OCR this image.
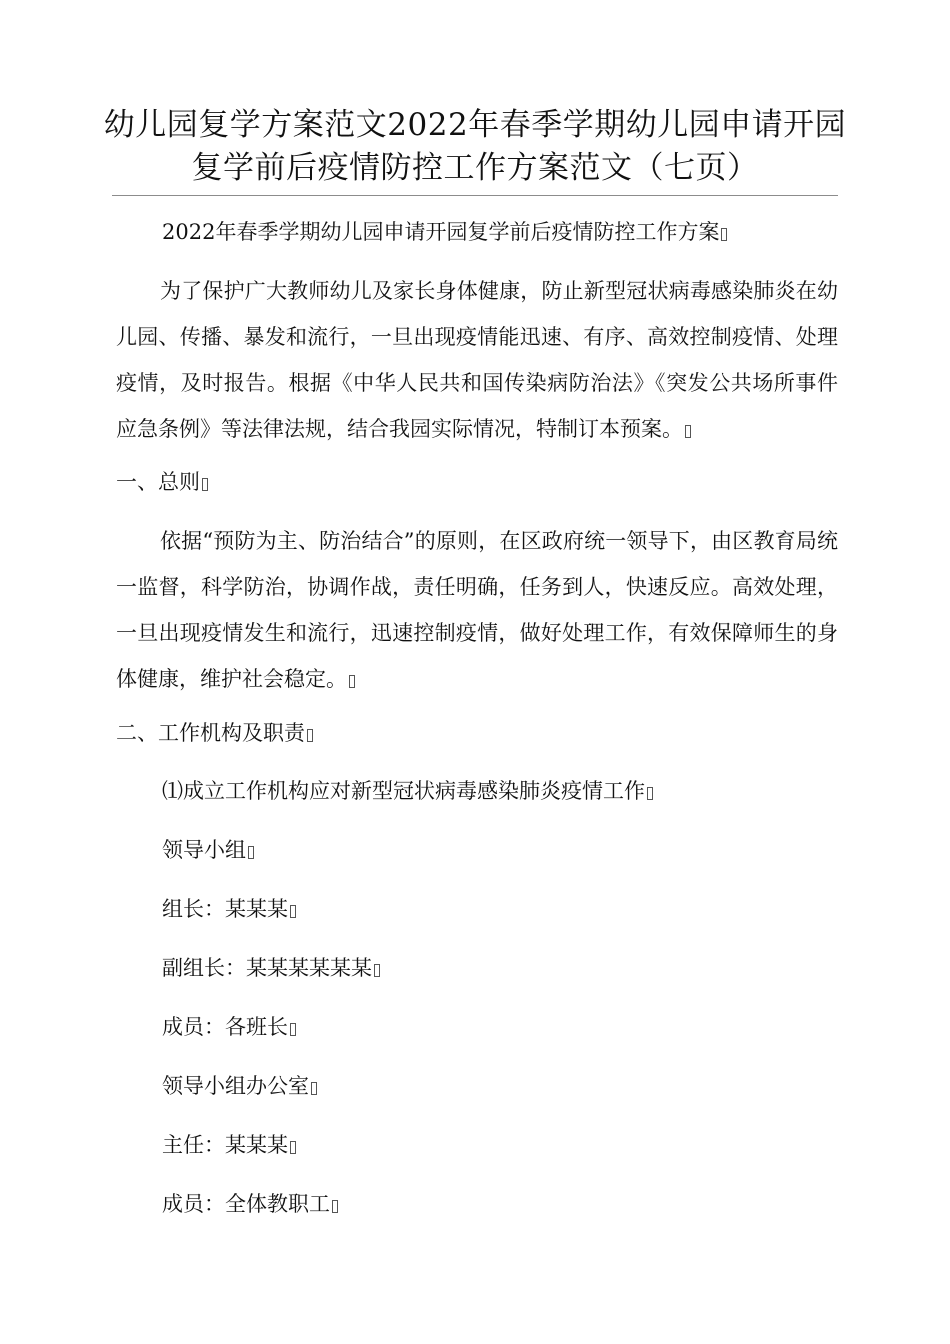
幼儿园复学方案范文2022年春季学期幼儿园申请开园复学前后疫情防控工作方案范文（七页）

2022年春季学期幼儿园申请开园复学前后疫情防控工作方案

为了保护广大教师幼儿及家长身体健康，防止新型冠状病毒感染肺炎在幼儿园、传播、暴发和流行，一旦出现疫情能迅速、有序、高效控制疫情、处理疫情，及时报告。根据《中华人民共和国传染病防治法》《突发公共场所事件应急条例》等法律法规，结合我园实际情况，特制订本预案。

一、总则

依据“预防为主、防治结合”的原则，在区政府统一领导下，由区教育局统一监督，科学防治，协调作战，责任明确，任务到人，快速反应。高效处理，一旦出现疫情发生和流行，迅速控制疫情，做好处理工作，有效保障师生的身体健康，维护社会稳定。

二、工作机构及职责

⑴成立工作机构应对新型冠状病毒感染肺炎疫情工作

领导小组

组长：某某某

副组长：某某某某某某

成员：各班长

领导小组办公室

主任：某某某

成员：全体教职工
